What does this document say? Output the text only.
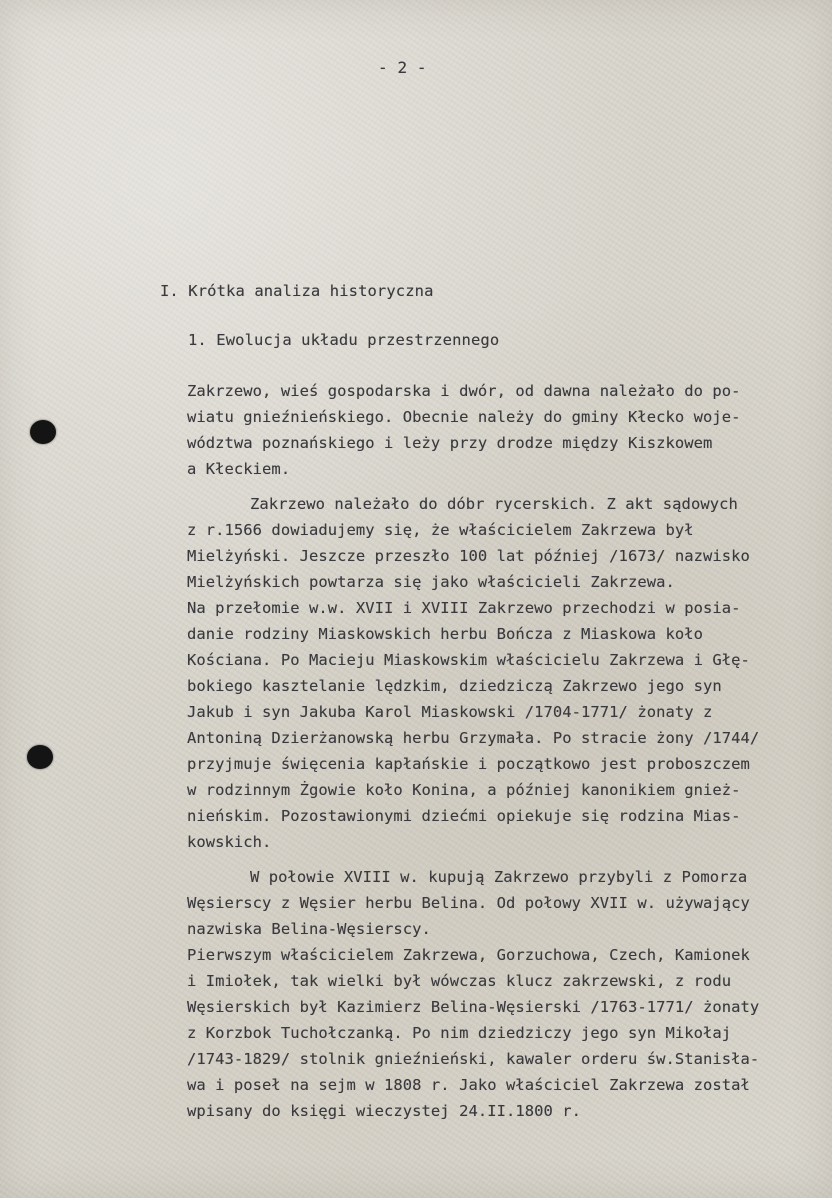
- 2 -
I. Krótka analiza historyczna
1. Ewolucja układu przestrzennego
Zakrzewo, wieś gospodarska i dwór, od dawna należało do po-
wiatu gnieźnieńskiego. Obecnie należy do gminy Kłecko woje-
wództwa poznańskiego i leży przy drodze między Kiszkowem
a Kłeckiem.
Zakrzewo należało do dóbr rycerskich. Z akt sądowych
z r.1566 dowiadujemy się, że właścicielem Zakrzewa był
Mielżyński. Jeszcze przeszło 100 lat później /1673/ nazwisko
Mielżyńskich powtarza się jako właścicieli Zakrzewa.
Na przełomie w.w. XVII i XVIII Zakrzewo przechodzi w posia-
danie rodziny Miaskowskich herbu Bończa z Miaskowa koło
Kościana. Po Macieju Miaskowskim właścicielu Zakrzewa i Głę-
bokiego kasztelanie lędzkim, dziedziczą Zakrzewo jego syn
Jakub i syn Jakuba Karol Miaskowski /1704-1771/ żonaty z
Antoniną Dzierżanowską herbu Grzymała. Po stracie żony /1744/
przyjmuje święcenia kapłańskie i początkowo jest proboszczem
w rodzinnym Żgowie koło Konina, a później kanonikiem gnież-
nieńskim. Pozostawionymi dziećmi opiekuje się rodzina Mias-
kowskich.
W połowie XVIII w. kupują Zakrzewo przybyli z Pomorza
Węsierscy z Węsier herbu Belina. Od połowy XVII w. używający
nazwiska Belina-Węsierscy.
Pierwszym właścicielem Zakrzewa, Gorzuchowa, Czech, Kamionek
i Imiołek, tak wielki był wówczas klucz zakrzewski, z rodu
Węsierskich był Kazimierz Belina-Węsierski /1763-1771/ żonaty
z Korzbok Tuchołczanką. Po nim dziedziczy jego syn Mikołaj
/1743-1829/ stolnik gnieźnieński, kawaler orderu św.Stanisła-
wa i poseł na sejm w 1808 r. Jako właściciel Zakrzewa został
wpisany do księgi wieczystej 24.II.1800 r.
